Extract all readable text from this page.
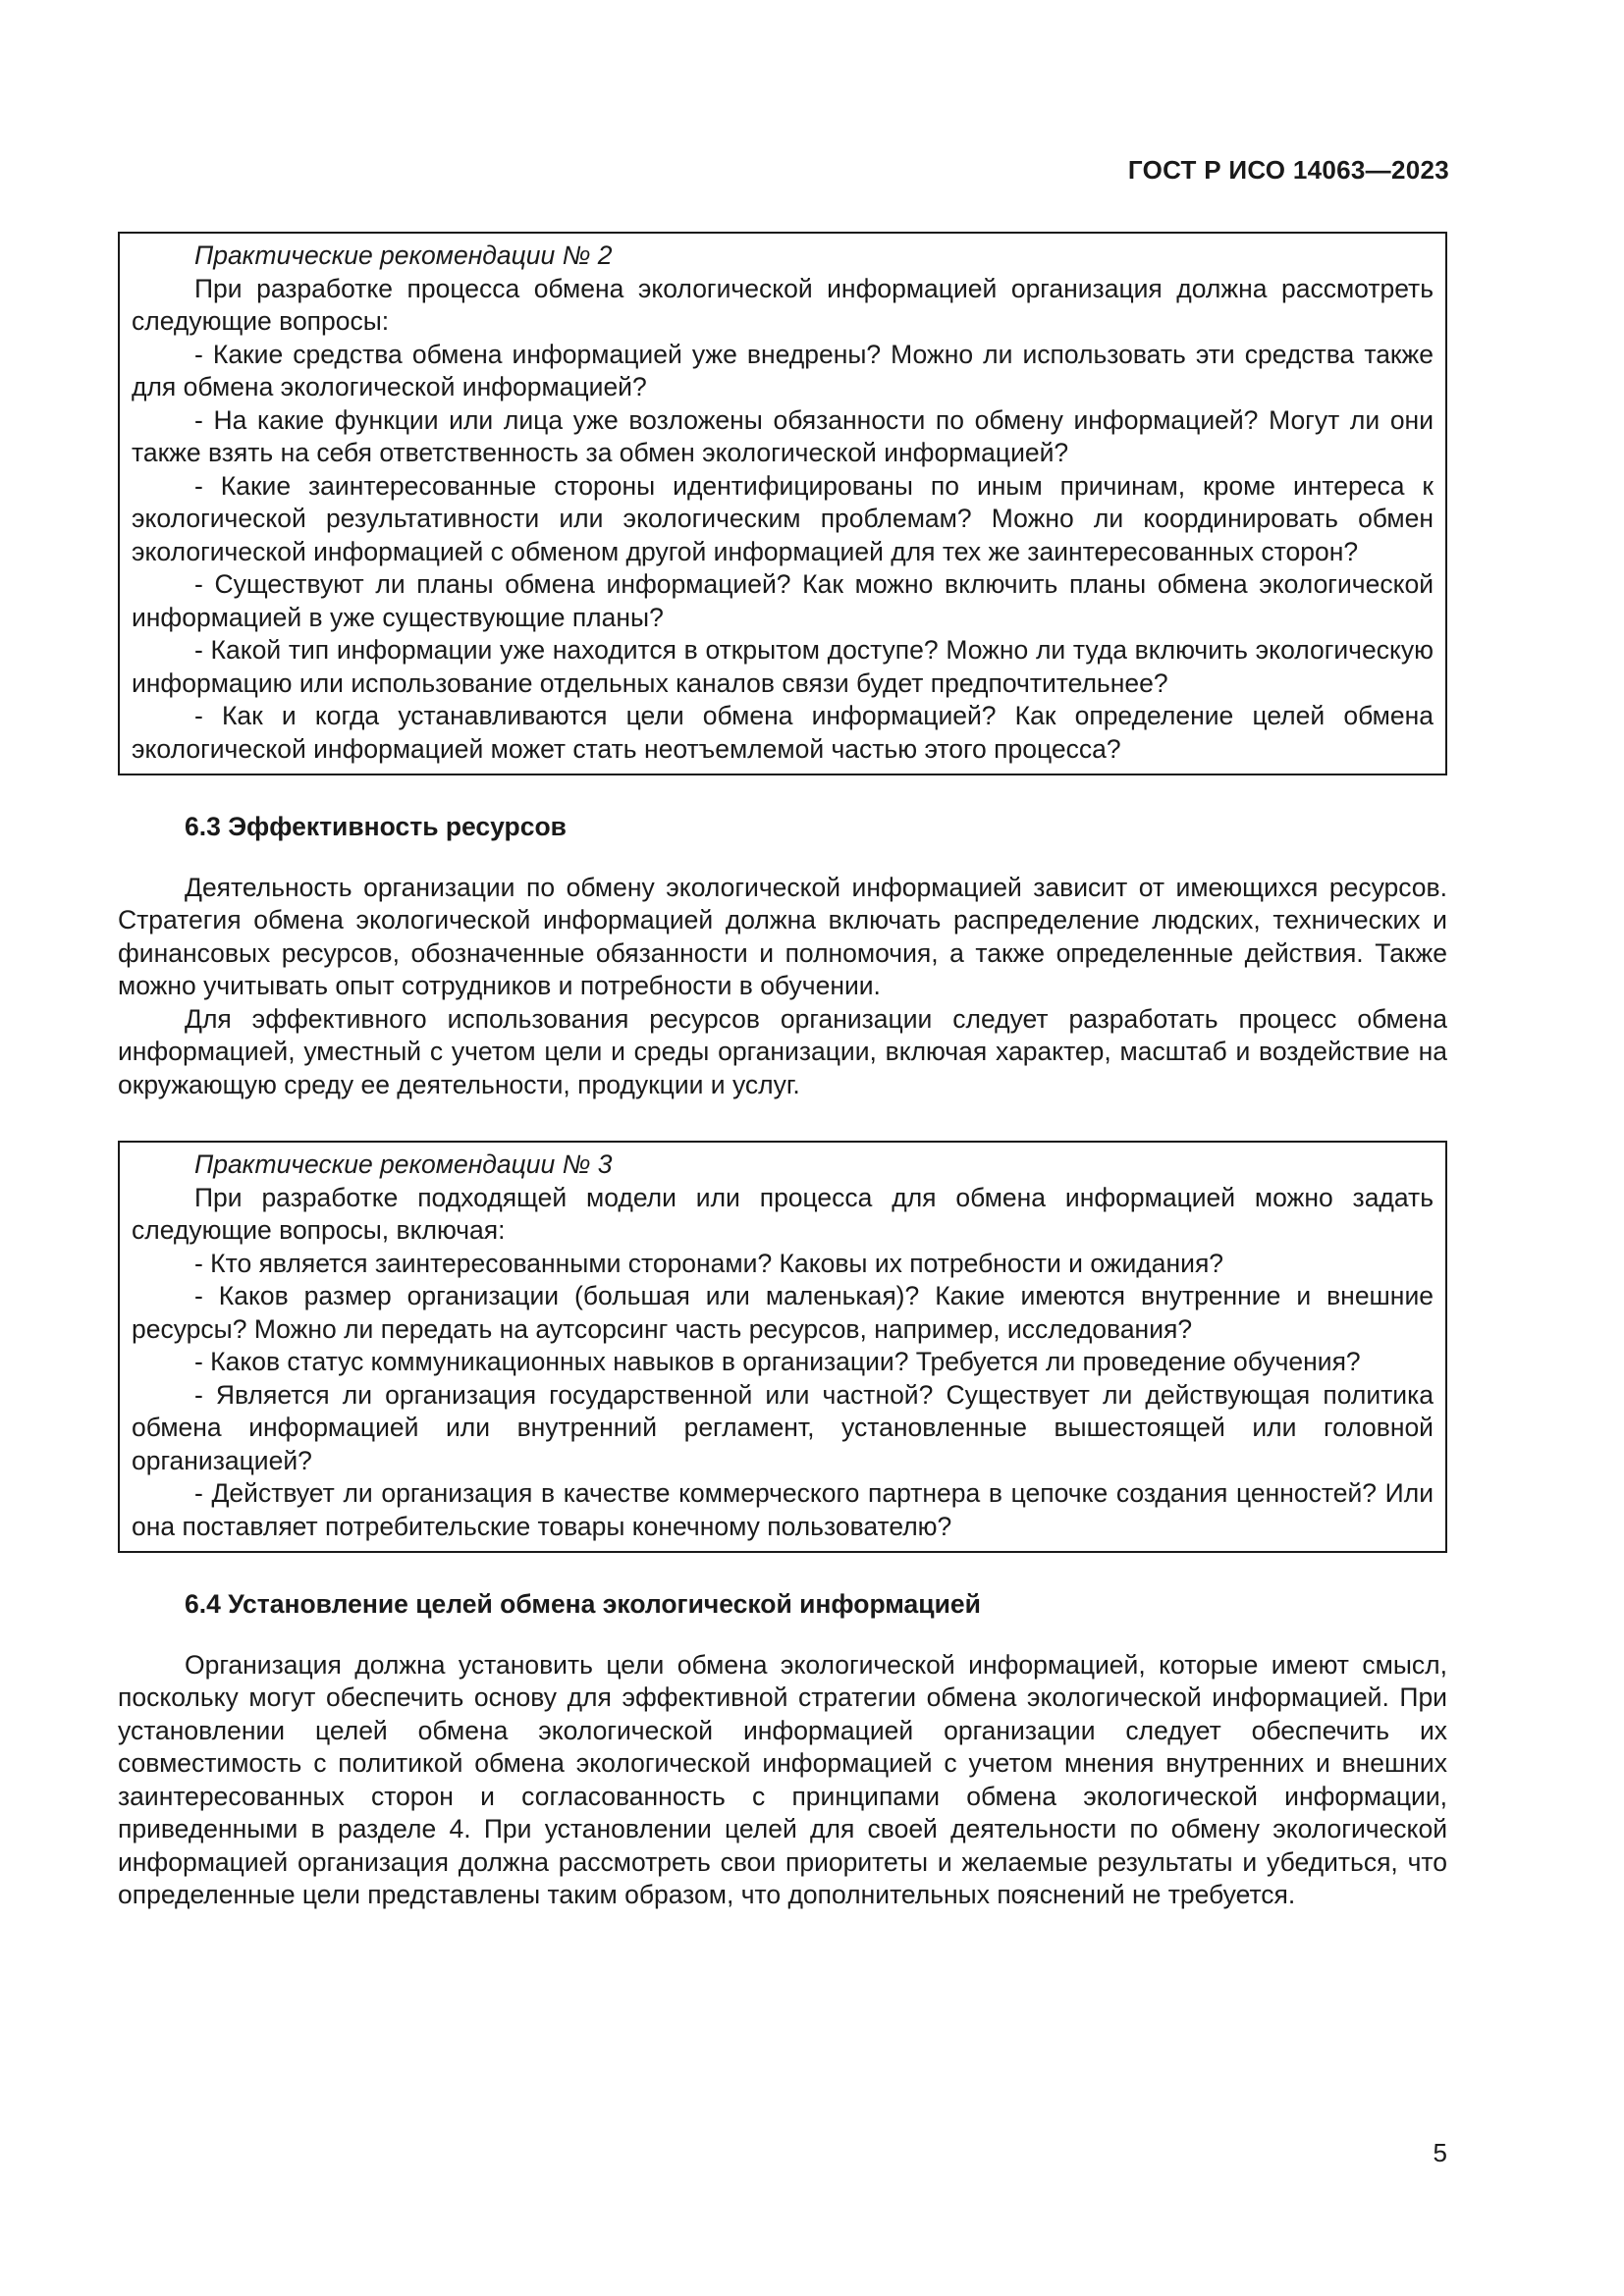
ГОСТ Р ИСО 14063—2023
Практические рекомендации № 2

При разработке процесса обмена экологической информацией организация должна рассмотреть следующие вопросы:

- Какие средства обмена информацией уже внедрены? Можно ли использовать эти средства также для обмена экологической информацией?

- На какие функции или лица уже возложены обязанности по обмену информацией? Могут ли они также взять на себя ответственность за обмен экологической информацией?

- Какие заинтересованные стороны идентифицированы по иным причинам, кроме интереса к экологической результативности или экологическим проблемам? Можно ли координировать обмен экологической информацией с обменом другой информацией для тех же заинтересованных сторон?

- Существуют ли планы обмена информацией? Как можно включить планы обмена экологической информацией в уже существующие планы?

- Какой тип информации уже находится в открытом доступе? Можно ли туда включить экологическую информацию или использование отдельных каналов связи будет предпочтительнее?

- Как и когда устанавливаются цели обмена информацией? Как определение целей обмена экологической информацией может стать неотъемлемой частью этого процесса?

6.3 Эффективность ресурсов

Деятельность организации по обмену экологической информацией зависит от имеющихся ресурсов. Стратегия обмена экологической информацией должна включать распределение людских, технических и финансовых ресурсов, обозначенные обязанности и полномочия, а также определенные действия. Также можно учитывать опыт сотрудников и потребности в обучении.

Для эффективного использования ресурсов организации следует разработать процесс обмена информацией, уместный с учетом цели и среды организации, включая характер, масштаб и воздействие на окружающую среду ее деятельности, продукции и услуг.

Практические рекомендации № 3

При разработке подходящей модели или процесса для обмена информацией можно задать следующие вопросы, включая:

- Кто является заинтересованными сторонами? Каковы их потребности и ожидания?

- Каков размер организации (большая или маленькая)? Какие имеются внутренние и внешние ресурсы? Можно ли передать на аутсорсинг часть ресурсов, например, исследования?

- Каков статус коммуникационных навыков в организации? Требуется ли проведение обучения?

- Является ли организация государственной или частной? Существует ли действующая политика обмена информацией или внутренний регламент, установленные вышестоящей или головной организацией?

- Действует ли организация в качестве коммерческого партнера в цепочке создания ценностей? Или она поставляет потребительские товары конечному пользователю?

6.4 Установление целей обмена экологической информацией

Организация должна установить цели обмена экологической информацией, которые имеют смысл, поскольку могут обеспечить основу для эффективной стратегии обмена экологической информацией. При установлении целей обмена экологической информацией организации следует обеспечить их совместимость с политикой обмена экологической информацией с учетом мнения внутренних и внешних заинтересованных сторон и согласованность с принципами обмена экологической информации, приведенными в разделе 4. При установлении целей для своей деятельности по обмену экологической информацией организация должна рассмотреть свои приоритеты и желаемые результаты и убедиться, что определенные цели представлены таким образом, что дополнительных пояснений не требуется.

5
